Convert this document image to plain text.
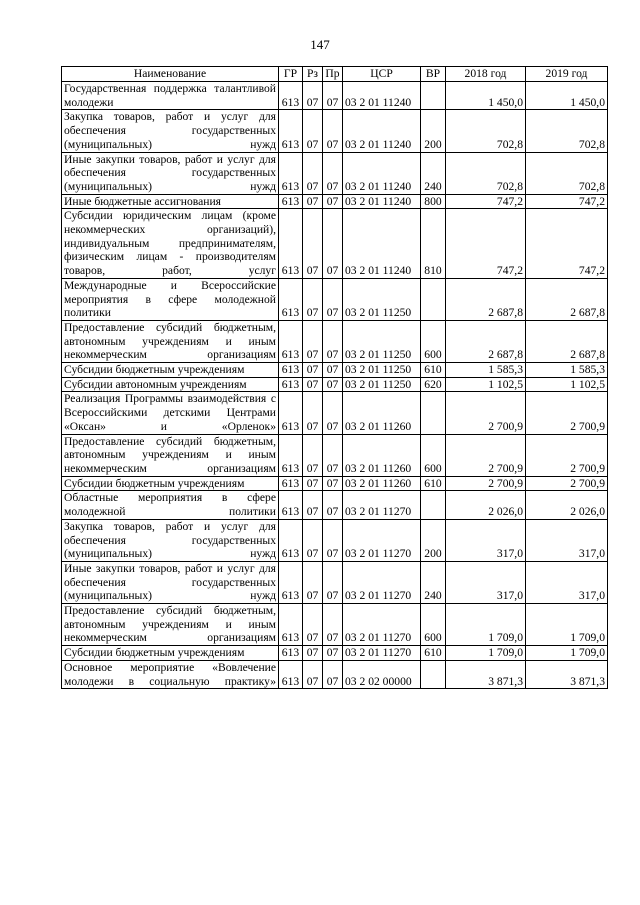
147
Наименование	ГР	Рз	Пр	ЦСР	ВР	2018 год	2019 год
Государственная поддержка талантливой молодежи	613	07	07	03 2 01 11240		1 450,0	1 450,0
Закупка товаров, работ и услуг для обеспечения государственных (муниципальных) нужд	613	07	07	03 2 01 11240	200	702,8	702,8
Иные закупки товаров, работ и услуг для обеспечения государственных (муниципальных) нужд	613	07	07	03 2 01 11240	240	702,8	702,8
Иные бюджетные ассигнования	613	07	07	03 2 01 11240	800	747,2	747,2
Субсидии юридическим лицам (кроме некоммерческих организаций), индивидуальным предпринимателям, физическим лицам - производителям товаров, работ, услуг	613	07	07	03 2 01 11240	810	747,2	747,2
Международные и Всероссийские мероприятия в сфере молодежной политики	613	07	07	03 2 01 11250		2 687,8	2 687,8
Предоставление субсидий бюджетным, автономным учреждениям и иным некоммерческим организациям	613	07	07	03 2 01 11250	600	2 687,8	2 687,8
Субсидии бюджетным учреждениям	613	07	07	03 2 01 11250	610	1 585,3	1 585,3
Субсидии автономным учреждениям	613	07	07	03 2 01 11250	620	1 102,5	1 102,5
Реализация Программы взаимодействия с Всероссийскими детскими Центрами «Оксан» и «Орленок»	613	07	07	03 2 01 11260		2 700,9	2 700,9
Предоставление субсидий бюджетным, автономным учреждениям и иным некоммерческим организациям	613	07	07	03 2 01 11260	600	2 700,9	2 700,9
Субсидии бюджетным учреждениям	613	07	07	03 2 01 11260	610	2 700,9	2 700,9
Областные мероприятия в сфере молодежной политики	613	07	07	03 2 01 11270		2 026,0	2 026,0
Закупка товаров, работ и услуг для обеспечения государственных (муниципальных) нужд	613	07	07	03 2 01 11270	200	317,0	317,0
Иные закупки товаров, работ и услуг для обеспечения государственных (муниципальных) нужд	613	07	07	03 2 01 11270	240	317,0	317,0
Предоставление субсидий бюджетным, автономным учреждениям и иным некоммерческим организациям	613	07	07	03 2 01 11270	600	1 709,0	1 709,0
Субсидии бюджетным учреждениям	613	07	07	03 2 01 11270	610	1 709,0	1 709,0
Основное мероприятие «Вовлечение молодежи в социальную практику»	613	07	07	03 2 02 00000		3 871,3	3 871,3
